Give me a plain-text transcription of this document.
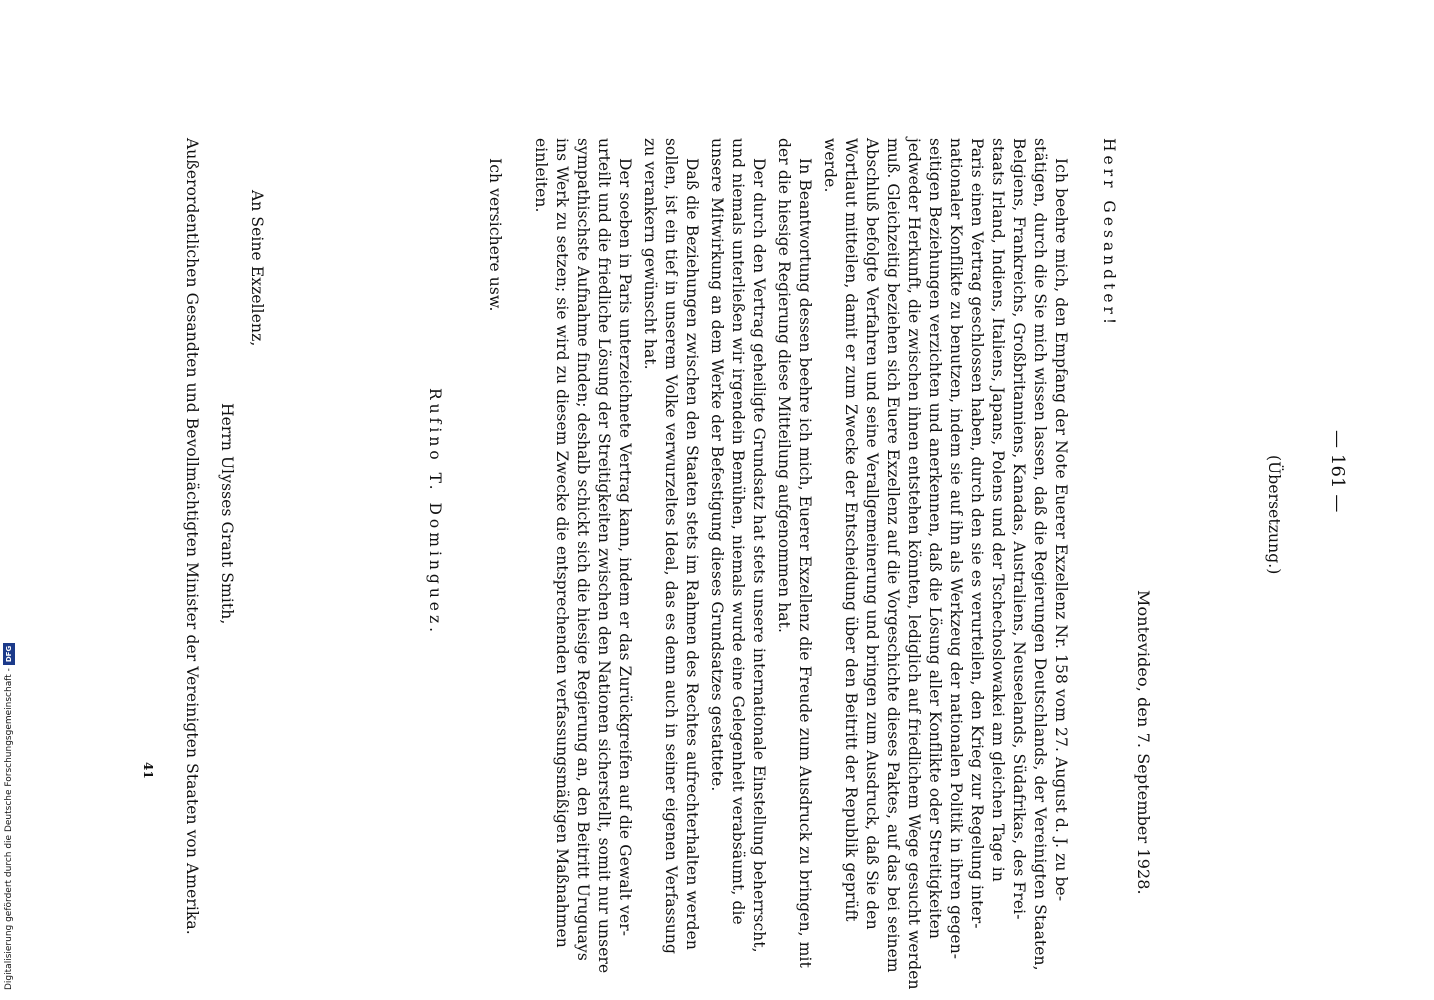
— 161 —
(Übersetzung.)
Montevideo, den 7. September 1928.
Herr Gesandter!
Ich beehre mich, den Empfang der Note Euerer Exzellenz Nr. 158 vom 27. August d. J. zu be-
stätigen, durch die Sie mich wissen lassen, daß die Regierungen Deutschlands, der Vereinigten Staaten,
Belgiens, Frankreichs, Großbritanniens, Kanadas, Australiens, Neuseelands, Südafrikas, des Frei-
staats Irland, Indiens, Italiens, Japans, Polens und der Tschechoslowakei am gleichen Tage in
Paris einen Vertrag geschlossen haben, durch den sie es verurteilen, den Krieg zur Regelung inter-
nationaler Konflikte zu benutzen, indem sie auf ihn als Werkzeug der nationalen Politik in ihren gegen-
seitigen Beziehungen verzichten und anerkennen, daß die Lösung aller Konflikte oder Streitigkeiten
jedweder Herkunft, die zwischen ihnen entstehen könnten, lediglich auf friedlichem Wege gesucht werden
muß. Gleichzeitig beziehen sich Euere Exzellenz auf die Vorgeschichte dieses Paktes, auf das bei seinem
Abschluß befolgte Verfahren und seine Verallgemeinerung und bringen zum Ausdruck, daß Sie den
Wortlaut mitteilen, damit er zum Zwecke der Entscheidung über den Beitritt der Republik geprüft
werde.
In Beantwortung dessen beehre ich mich, Euerer Exzellenz die Freude zum Ausdruck zu bringen, mit
der die hiesige Regierung diese Mitteilung aufgenommen hat.
Der durch den Vertrag geheiligte Grundsatz hat stets unsere internationale Einstellung beherrscht,
und niemals unterließen wir irgendein Bemühen, niemals wurde eine Gelegenheit verabsäumt, die
unsere Mitwirkung an dem Werke der Befestigung dieses Grundsatzes gestattete.
Daß die Beziehungen zwischen den Staaten stets im Rahmen des Rechtes aufrechterhalten werden
sollen, ist ein tief in unserem Volke verwurzeltes Ideal, das es denn auch in seiner eigenen Verfassung
zu verankern gewünscht hat.
Der soeben in Paris unterzeichnete Vertrag kann, indem er das Zurückgreifen auf die Gewalt ver-
urteilt und die friedliche Lösung der Streitigkeiten zwischen den Nationen sicherstellt, somit nur unsere
sympathischste Aufnahme finden; deshalb schickt sich die hiesige Regierung an, den Beitritt Uruguays
ins Werk zu setzen; sie wird zu diesem Zwecke die entsprechenden verfassungsmäßigen Maßnahmen
einleiten.
Ich versichere usw.
Rufino T. Dominguez.
An Seine Exzellenz,
Herrn Ulysses Grant Smith,
Außerordentlichen Gesandten und Bevollmächtigten Minister der Vereinigten Staaten von Amerika.
41
Digitalisierung gefördert durch die Deutsche Forschungsgemeinschaft -
DFG
